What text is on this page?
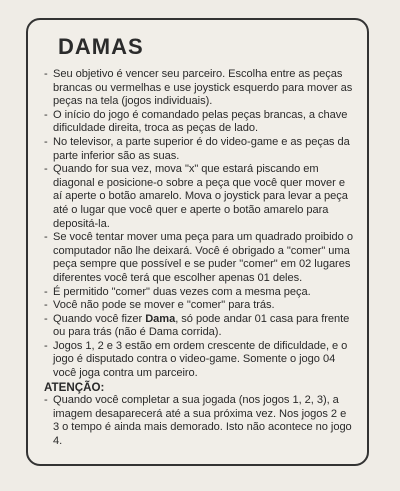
DAMAS
- Seu objetivo é vencer seu parceiro. Escolha entre as peças brancas ou vermelhas e use joystick esquerdo para mover as peças na tela (jogos individuais).
- O início do jogo é comandado pelas peças brancas, a chave dificuldade direita, troca as peças de lado.
- No televisor, a parte superior é do video-game e as peças da parte inferior são as suas.
- Quando for sua vez, mova "x" que estará piscando em diagonal e posicione-o sobre a peça que você quer mover e aí aperte o botão amarelo. Mova o joystick para levar a peça até o lugar que você quer e aperte o botão amarelo para depositá-la.
- Se você tentar mover uma peça para um quadrado proibido o computador não lhe deixará. Você é obrigado a "comer" uma peça sempre que possível e se puder "comer" em 02 lugares diferentes você terá que escolher apenas 01 deles.
- É permitido "comer" duas vezes com a mesma peça.
- Você não pode se mover e "comer" para trás.
- Quando você fizer Dama, só pode andar 01 casa para frente ou para trás (não é Dama corrida).
- Jogos 1, 2 e 3 estão em ordem crescente de dificuldade, e o jogo é disputado contra o video-game. Somente o jogo 04 você joga contra um parceiro.
ATENÇÃO:
- Quando você completar a sua jogada (nos jogos 1, 2, 3), a imagem desaparecerá até a sua próxima vez. Nos jogos 2 e 3 o tempo é ainda mais demorado. Isto não acontece no jogo 4.
